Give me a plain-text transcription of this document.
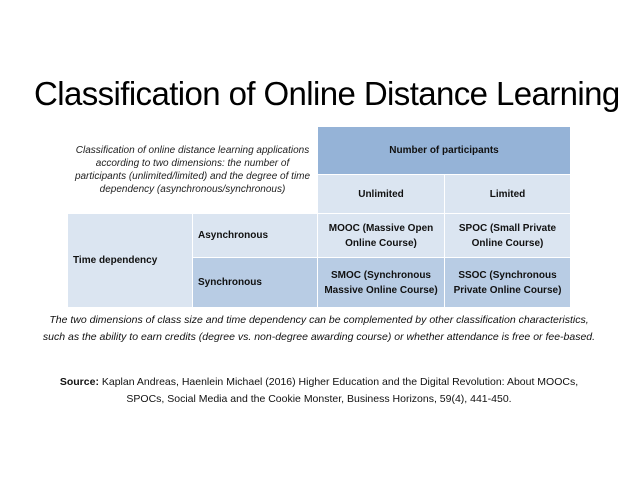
Classification of Online Distance Learning
Classification of online distance learning applications according to two dimensions: the number of participants (unlimited/limited) and the degree of time dependency (asynchronous/synchronous)		Number of participants	
		Unlimited	Limited
Time dependency	Asynchronous	MOOC (Massive Open Online Course)	SPOC (Small Private Online Course)
	Synchronous	SMOC (Synchronous Massive Online Course)	SSOC (Synchronous Private Online Course)
The two dimensions of class size and time dependency can be complemented by other classification characteristics, such as the ability to earn credits (degree vs. non-degree awarding course) or whether attendance is free or fee-based.
Source: Kaplan Andreas, Haenlein Michael (2016) Higher Education and the Digital Revolution: About MOOCs, SPOCs, Social Media and the Cookie Monster, Business Horizons, 59(4), 441-450.
